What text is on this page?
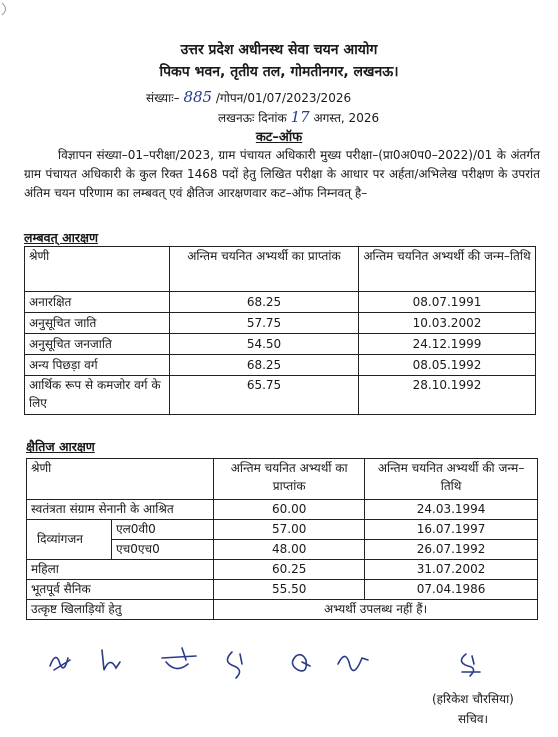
उत्तर प्रदेश अधीनस्थ सेवा चयन आयोग
पिकप भवन, तृतीय तल, गोमतीनगर, लखनऊ।
संख्याः– 885 /गोपन/01/07/2023/2026
लखनऊः दिनांक 17 अगस्त, 2026
कट–ऑफ
विज्ञापन संख्या–01–परीक्षा/2023, ग्राम पंचायत अधिकारी मुख्य परीक्षा–(प्रा0अ0प0–2022)/01 के अंतर्गत ग्राम पंचायत अधिकारी के कुल रिक्त 1468 पदों हेतु लिखित परीक्षा के आधार पर अर्हता/अभिलेख परीक्षण के उपरांत अंतिम चयन परिणाम का लम्बवत् एवं क्षैतिज आरक्षणवार कट–ऑफ निम्नवत् है–
लम्बवत् आरक्षण
श्रेणी	अन्तिम चयनित अभ्यर्थी का प्राप्तांक	अन्तिम चयनित अभ्यर्थी की जन्म–तिथि
अनारक्षित	68.25	08.07.1991
अनुसूचित जाति	57.75	10.03.2002
अनुसूचित जनजाति	54.50	24.12.1999
अन्य पिछड़ा वर्ग	68.25	08.05.1992
आर्थिक रूप से कमजोर वर्ग के लिए	65.75	28.10.1992
क्षैतिज आरक्षण
श्रेणी		अन्तिम चयनित अभ्यर्थी का प्राप्तांक	अन्तिम चयनित अभ्यर्थी की जन्म–तिथि
स्वतंत्रता संग्राम सेनानी के आश्रित		60.00	24.03.1994
दिव्यांगजन	एल0वी0	57.00	16.07.1997
	एच0एच0	48.00	26.07.1992
महिला		60.25	31.07.2002
भूतपूर्व सैनिक		55.50	07.04.1986
उत्कृष्ट खिलाड़ियों हेतु		अभ्यर्थी उपलब्ध नहीं हैं।	
(हरिकेश चौरसिया)
सचिव।
